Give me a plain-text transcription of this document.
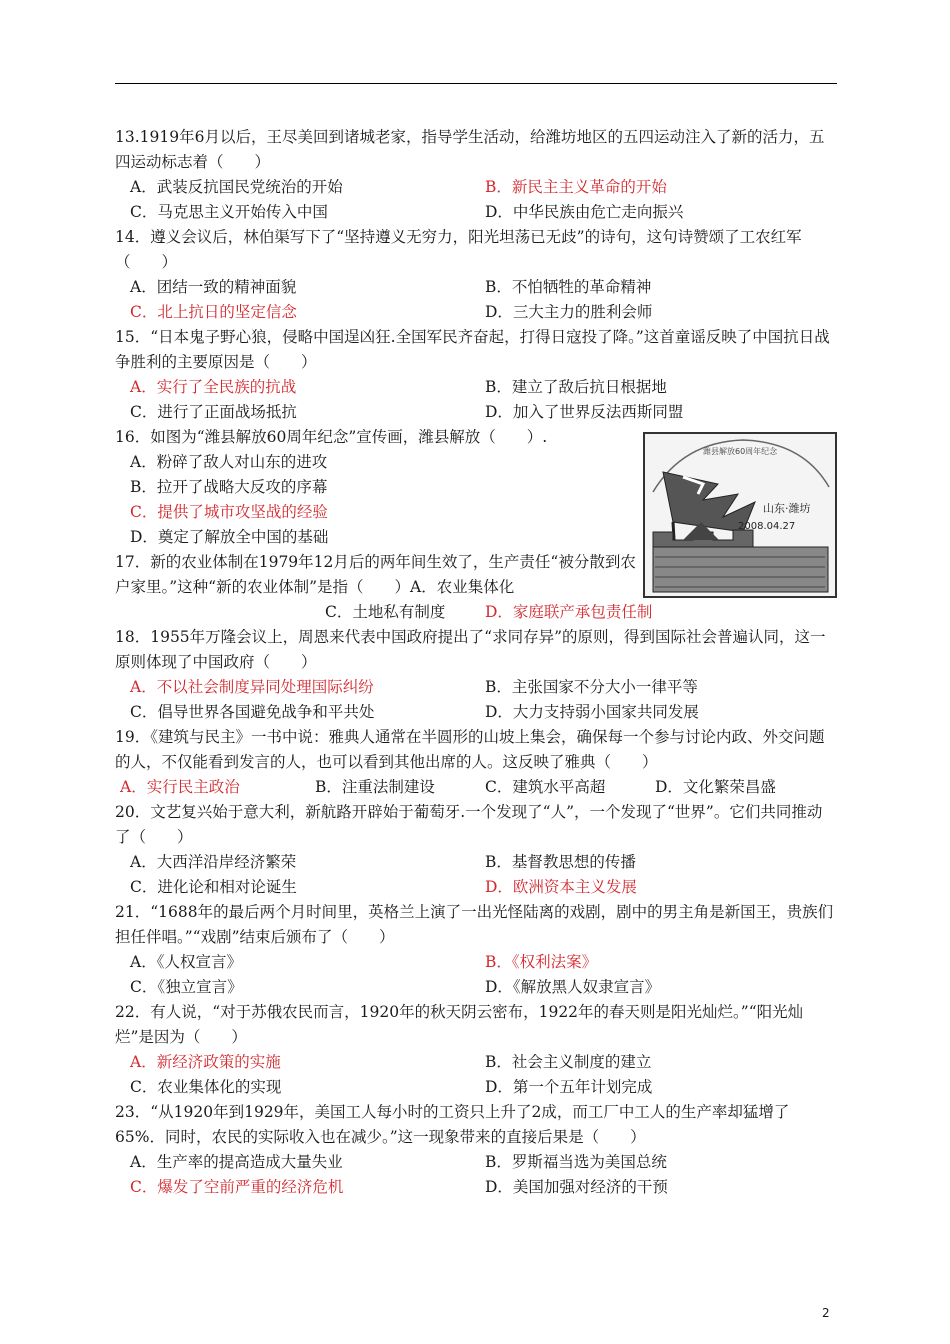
13.1919年6月以后，王尽美回到诸城老家，指导学生活动，给潍坊地区的五四运动注入了新的活力，五四运动标志着（　　）
A．武装反抗国民党统治的开始	B．新民主主义革命的开始
C．马克思主义开始传入中国	D．中华民族由危亡走向振兴
14．遵义会议后，林伯渠写下了“坚持遵义无穷力，阳光坦荡已无歧”的诗句，这句诗赞颂了工农红军（　　）
A．团结一致的精神面貌	B．不怕牺牲的革命精神
C．北上抗日的坚定信念	D．三大主力的胜利会师
15．“日本鬼子野心狼，侵略中国逞凶狂.全国军民齐奋起，打得日寇投了降。”这首童谣反映了中国抗日战争胜利的主要原因是（　　）
A．实行了全民族的抗战	B．建立了敌后抗日根据地
C．进行了正面战场抵抗	D．加入了世界反法西斯同盟
16．如图为“潍县解放60周年纪念”宣传画，潍县解放（　　）.
A．粉碎了敌人对山东的进攻
B．拉开了战略大反攻的序幕
C．提供了城市攻坚战的经验
D．奠定了解放全中国的基础
潍县解放60周年纪念
山东·潍坊
2008.04.27
17．新的农业体制在1979年12月后的两年间生效了，生产责任“被分散到农户家里。”这种“新的农业体制”是指（　　）A．农业集体化
C．土地私有制度	D．家庭联产承包责任制
18．1955年万隆会议上，周恩来代表中国政府提出了“求同存异”的原则，得到国际社会普遍认同，这一原则体现了中国政府（　　）
A．不以社会制度异同处理国际纠纷	B．主张国家不分大小一律平等
C．倡导世界各国避免战争和平共处	D．大力支持弱小国家共同发展
19．《建筑与民主》一书中说：雅典人通常在半圆形的山坡上集会，确保每一个参与讨论内政、外交问题的人，不仅能看到发言的人，也可以看到其他出席的人。这反映了雅典（　　）
A．实行民主政治	B．注重法制建设	C．建筑水平高超	D．文化繁荣昌盛
20．文艺复兴始于意大利，新航路开辟始于葡萄牙.一个发现了“人”，一个发现了“世界”。它们共同推动了（　　）
A．大西洋沿岸经济繁荣	B．基督教思想的传播
C．进化论和相对论诞生	D．欧洲资本主义发展
21．“1688年的最后两个月时间里，英格兰上演了一出光怪陆离的戏剧，剧中的男主角是新国王，贵族们担任伴唱。”“戏剧”结束后颁布了（　　）
A．《人权宣言》	B．《权利法案》
C．《独立宣言》	D．《解放黑人奴隶宣言》
22．有人说，“对于苏俄农民而言，1920年的秋天阴云密布，1922年的春天则是阳光灿烂。”“阳光灿烂”是因为（　　）
A．新经济政策的实施	B．社会主义制度的建立
C．农业集体化的实现	D．第一个五年计划完成
23．“从1920年到1929年，美国工人每小时的工资只上升了2成，而工厂中工人的生产率却猛增了65%．同时，农民的实际收入也在减少。”这一现象带来的直接后果是（　　）
A．生产率的提高造成大量失业	B．罗斯福当选为美国总统
C．爆发了空前严重的经济危机	D．美国加强对经济的干预
2
